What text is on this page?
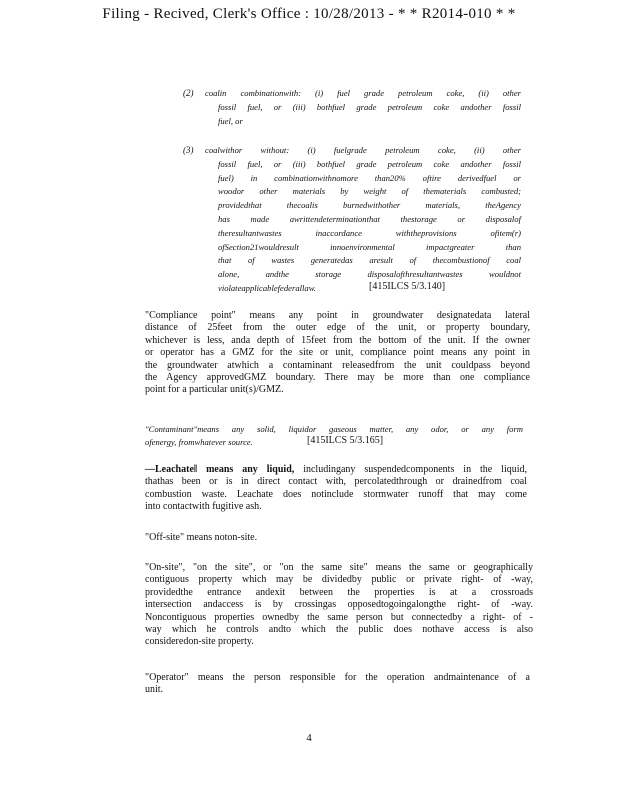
Filing - Recived, Clerk's Office : 10/28/2013 - * * R2014-010 * *
(2) coalin combinationwith: (i) fuel grade petroleum coke, (ii) other
fossil fuel, or (iii) bothfuel grade petroleum coke andother fossil
fuel, or
(3) coalwithor without: (i) fuelgrade petroleum coke, (ii) other
fossil fuel, or (iii) bothfuel grade petroleum coke andother fossil
fuel) in combinationwithnomore than20% oftire derivedfuel or
woodor other materials by weight of thematerials combusted;
providedthat thecoalis burnedwithother materials, theAgency
has made awrittendeterminationthat thestorage or disposalof
theresultantwastes inaccordance withtheprovisions ofitem(r)
ofSection21wouldresult innoenvironmental impactgreater than
that of wastes generatedas aresult of thecombustionof coal
alone, andthe storage disposalofthresultantwastes wouldnot
violateapplicablefederallaw.	[415ILCS 5/3.140]
"Compliance point" means any point in groundwater designatedata lateral
distance of 25feet from the outer edge of the unit, or property boundary,
whichever is less, anda depth of 15feet from the bottom of the unit. If the owner
or operator has a GMZ for the site or unit, compliance point means any point in
the groundwater atwhich a contaminant releasedfrom the unit couldpass beyond
the Agency approvedGMZ boundary. There may be more than one compliance
point for a particular unit(s)/GMZ.
"Contaminant"means any solid, liquidor gaseous matter, any odor, or any form
ofenergy, fromwhatever source.	[415ILCS 5/3.165]
―Leachate‖ means any liquid, includingany suspendedcomponents in the liquid,
thathas been or is in direct contact with, percolatedthrough or drainedfrom coal
combustion waste. Leachate does notinclude stormwater runoff that may come
into contactwith fugitive ash.
"Off-site" means noton-site.
"On-site", "on the site", or "on the same site" means the same or geographically
contiguous property which may be dividedby public or private right- of -way,
providedthe entrance andexit between the properties is at a crossroads
intersection andaccess is by crossingas opposedtogoingalongthe right- of -way.
Noncontiguous properties ownedby the same person but connectedby a right- of -
way which he controls andto which the public does nothave access is also
consideredon-site property.
"Operator" means the person responsible for the operation andmaintenance of a
unit.
4
